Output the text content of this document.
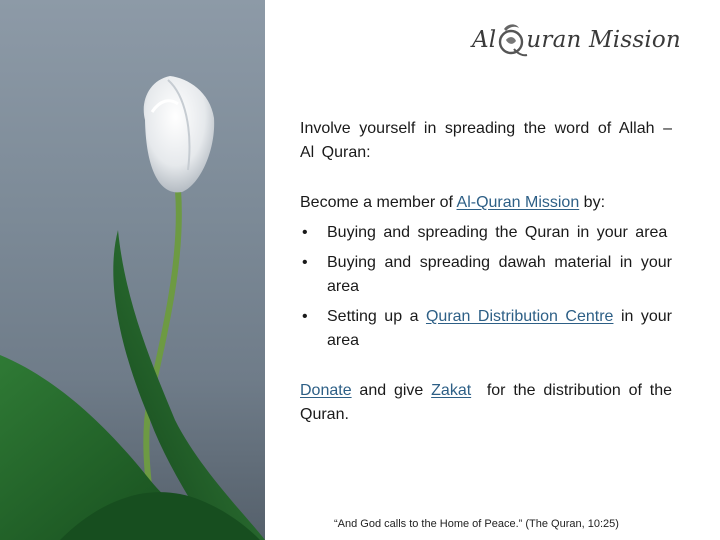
Al uran Mission

Involve yourself in spreading the word of Allah – Al Quran:

Become a member of Al-Quran Mission by:

• Buying and spreading the Quran in your area
• Buying and spreading dawah material in your area
• Setting up a Quran Distribution Centre in your area

Donate and give Zakat  for the distribution of the Quran.

“And God calls to the Home of Peace.” (The Quran, 10:25)
